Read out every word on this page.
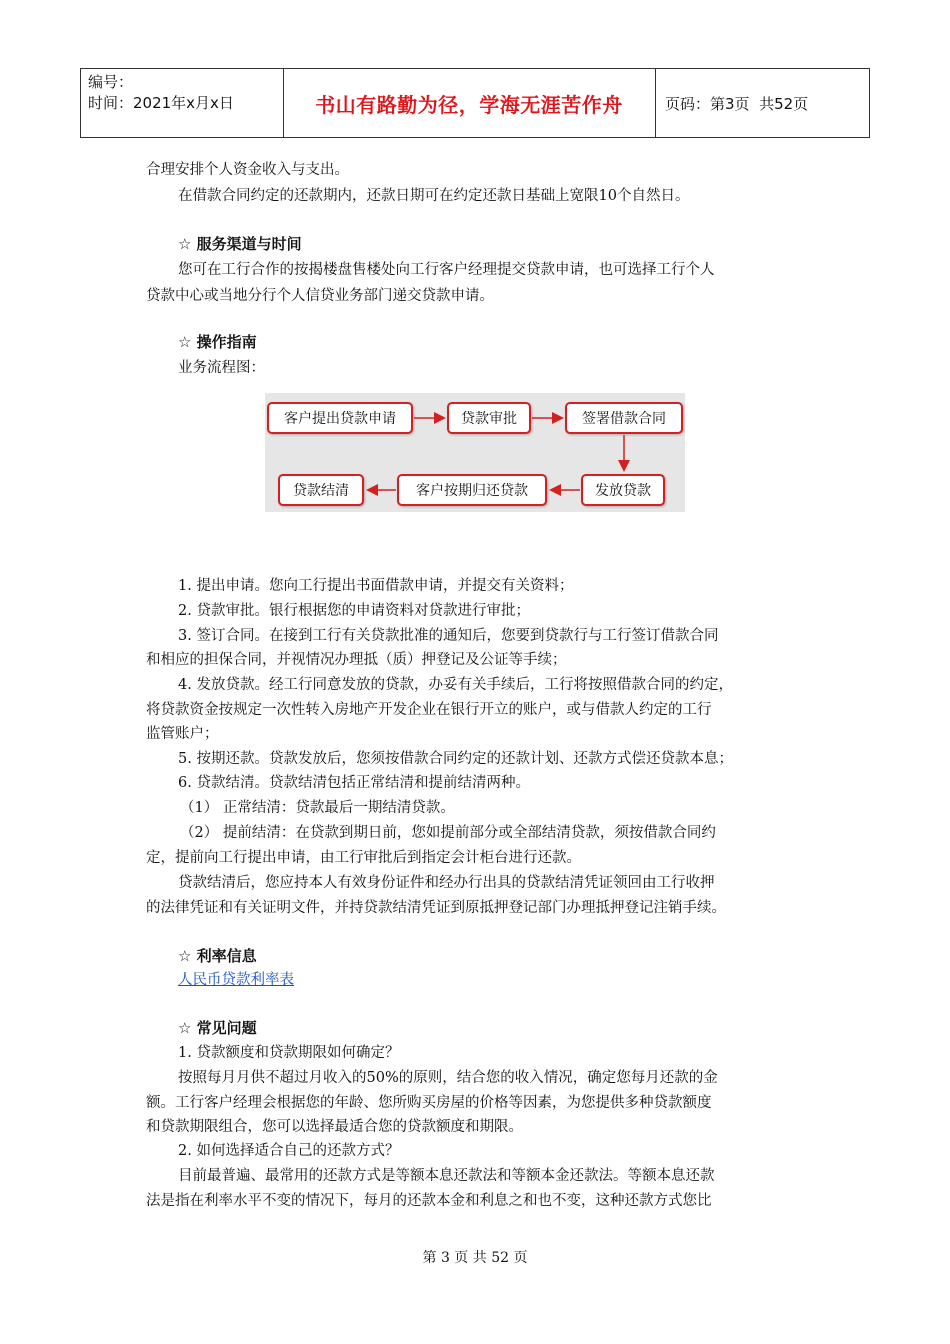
编号：
时间：2021年x月x日	书山有路勤为径，学海无涯苦作舟	页码：第3页  共52页
合理安排个人资金收入与支出。
在借款合同约定的还款期内，还款日期可在约定还款日基础上宽限10个自然日。
☆ 服务渠道与时间
您可在工行合作的按揭楼盘售楼处向工行客户经理提交贷款申请，也可选择工行个人
贷款中心或当地分行个人信贷业务部门递交贷款申请。
☆ 操作指南
业务流程图：
客户提出贷款申请	贷款审批	签署借款合同
发放贷款
客户按期归还贷款
贷款结清
1. 提出申请。您向工行提出书面借款申请，并提交有关资料；
2. 贷款审批。银行根据您的申请资料对贷款进行审批；
3. 签订合同。在接到工行有关贷款批准的通知后，您要到贷款行与工行签订借款合同
和相应的担保合同，并视情况办理抵（质）押登记及公证等手续；
4. 发放贷款。经工行同意发放的贷款，办妥有关手续后，工行将按照借款合同的约定，
将贷款资金按规定一次性转入房地产开发企业在银行开立的账户，或与借款人约定的工行
监管账户；
5. 按期还款。贷款发放后，您须按借款合同约定的还款计划、还款方式偿还贷款本息；
6. 贷款结清。贷款结清包括正常结清和提前结清两种。
（1） 正常结清：贷款最后一期结清贷款。
（2） 提前结清：在贷款到期日前，您如提前部分或全部结清贷款，须按借款合同约
定，提前向工行提出申请，由工行审批后到指定会计柜台进行还款。
贷款结清后，您应持本人有效身份证件和经办行出具的贷款结清凭证领回由工行收押
的法律凭证和有关证明文件，并持贷款结清凭证到原抵押登记部门办理抵押登记注销手续。
☆ 利率信息
人民币贷款利率表
☆ 常见问题
1. 贷款额度和贷款期限如何确定？
按照每月月供不超过月收入的50%的原则，结合您的收入情况，确定您每月还款的金
额。工行客户经理会根据您的年龄、您所购买房屋的价格等因素，为您提供多种贷款额度
和贷款期限组合，您可以选择最适合您的贷款额度和期限。
2. 如何选择适合自己的还款方式？
目前最普遍、最常用的还款方式是等额本息还款法和等额本金还款法。等额本息还款
法是指在利率水平不变的情况下，每月的还款本金和利息之和也不变，这种还款方式您比
第 3 页 共 52 页
